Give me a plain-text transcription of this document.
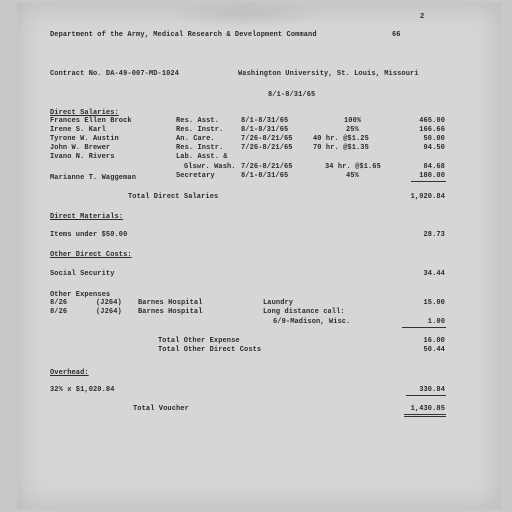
2
Department of the Army, Medical Research & Development Command	66
Contract No. DA-49-007-MD-1024	Washington University, St. Louis, Missouri
8/1-8/31/65
Direct Salaries:
Frances Ellen Brock	Res. Asst.	8/1-8/31/65	100%	465.00
Irene S. Karl	Res. Instr.	8/1-8/31/65	25%	166.66
Tyrone W. Austin	An. Care.	7/26-8/21/65	40 hr. @$1.25	50.00
John W. Brewer	Res. Instr.	7/26-8/21/65	70 hr. @$1.35	94.50
Ivano N. Rivers	Lab. Asst. &
Glswr. Wash. 7/26-8/21/65	34 hr. @$1.65	84.68
Marianne T. Waggeman	Secretary	8/1-8/31/65	45%	180.00
Total Direct Salaries	1,020.84
Direct Materials:
Items under $50.00	28.73
Other Direct Costs:
Social Security	34.44
Other Expenses
8/26	(J264) Barnes Hospital	Laundry	15.00
8/26	(J264) Barnes Hospital	Long distance call:
6/9-Madison, Wisc.	1.00
Total Other Expense	16.00
Total Other Direct Costs	50.44
Overhead:
32% x $1,020.84	330.84
Total Voucher	1,430.85
